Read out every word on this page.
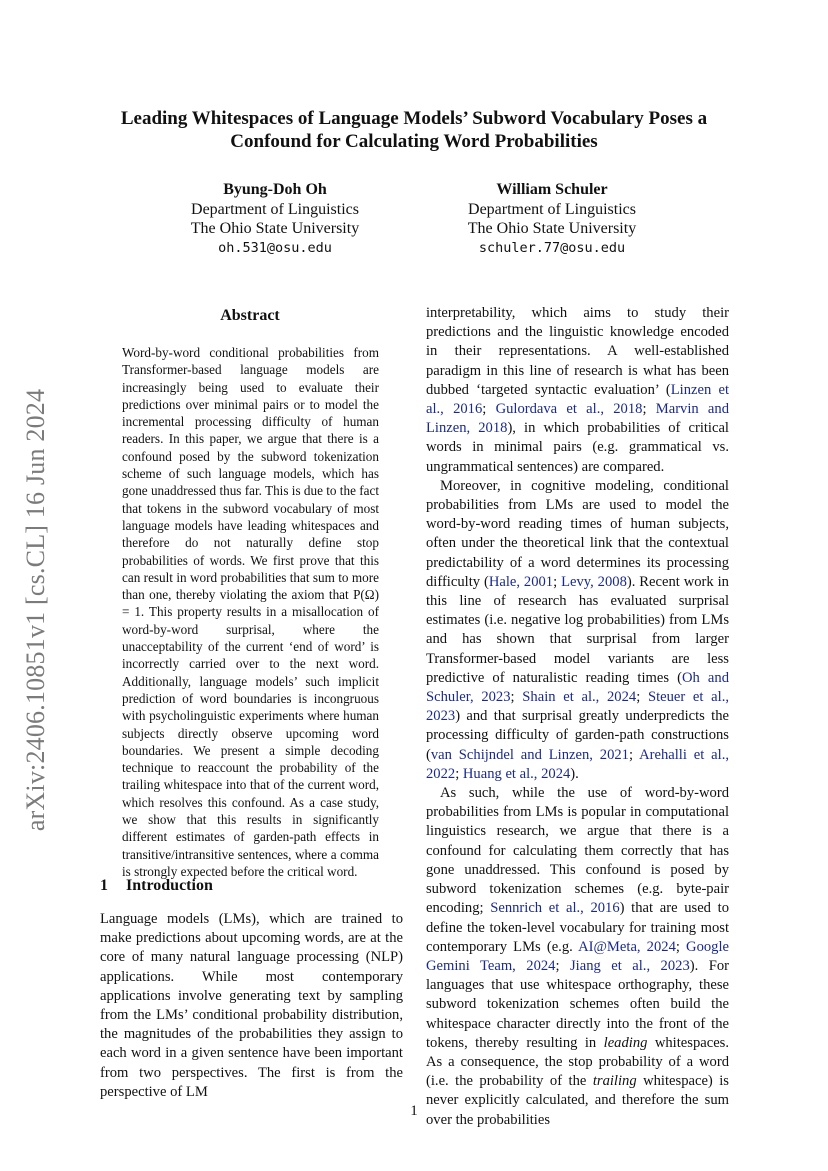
arXiv:2406.10851v1 [cs.CL] 16 Jun 2024
Leading Whitespaces of Language Models’ Subword Vocabulary Poses a Confound for Calculating Word Probabilities
Byung-Doh Oh
Department of Linguistics
The Ohio State University
oh.531@osu.edu
William Schuler
Department of Linguistics
The Ohio State University
schuler.77@osu.edu
Abstract
Word-by-word conditional probabilities from Transformer-based language models are increasingly being used to evaluate their predictions over minimal pairs or to model the incremental processing difficulty of human readers. In this paper, we argue that there is a confound posed by the subword tokenization scheme of such language models, which has gone unaddressed thus far. This is due to the fact that tokens in the subword vocabulary of most language models have leading whitespaces and therefore do not naturally define stop probabilities of words. We first prove that this can result in word probabilities that sum to more than one, thereby violating the axiom that P(Ω) = 1. This property results in a misallocation of word-by-word surprisal, where the unacceptability of the current ‘end of word’ is incorrectly carried over to the next word. Additionally, language models’ such implicit prediction of word boundaries is incongruous with psycholinguistic experiments where human subjects directly observe upcoming word boundaries. We present a simple decoding technique to reaccount the probability of the trailing whitespace into that of the current word, which resolves this confound. As a case study, we show that this results in significantly different estimates of garden-path effects in transitive/intransitive sentences, where a comma is strongly expected before the critical word.
1 Introduction

Language models (LMs), which are trained to make predictions about upcoming words, are at the core of many natural language processing (NLP) applications. While most contemporary applications involve generating text by sampling from the LMs’ conditional probability distribution, the magnitudes of the probabilities they assign to each word in a given sentence have been important from two perspectives. The first is from the perspective of LM

interpretability, which aims to study their predictions and the linguistic knowledge encoded in their representations. A well-established paradigm in this line of research is what has been dubbed ‘targeted syntactic evaluation’ (Linzen et al., 2016; Gulordava et al., 2018; Marvin and Linzen, 2018), in which probabilities of critical words in minimal pairs (e.g. grammatical vs. ungrammatical sentences) are compared.

Moreover, in cognitive modeling, conditional probabilities from LMs are used to model the word-by-word reading times of human subjects, often under the theoretical link that the contextual predictability of a word determines its processing difficulty (Hale, 2001; Levy, 2008). Recent work in this line of research has evaluated surprisal estimates (i.e. negative log probabilities) from LMs and has shown that surprisal from larger Transformer-based model variants are less predictive of naturalistic reading times (Oh and Schuler, 2023; Shain et al., 2024; Steuer et al., 2023) and that surprisal greatly underpredicts the processing difficulty of garden-path constructions (van Schijndel and Linzen, 2021; Arehalli et al., 2022; Huang et al., 2024).

As such, while the use of word-by-word probabilities from LMs is popular in computational linguistics research, we argue that there is a confound for calculating them correctly that has gone unaddressed. This confound is posed by subword tokenization schemes (e.g. byte-pair encoding; Sennrich et al., 2016) that are used to define the token-level vocabulary for training most contemporary LMs (e.g. AI@Meta, 2024; Google Gemini Team, 2024; Jiang et al., 2023). For languages that use whitespace orthography, these subword tokenization schemes often build the whitespace character directly into the front of the tokens, thereby resulting in leading whitespaces. As a consequence, the stop probability of a word (i.e. the probability of the trailing whitespace) is never explicitly calculated, and therefore the sum over the probabilities

1
